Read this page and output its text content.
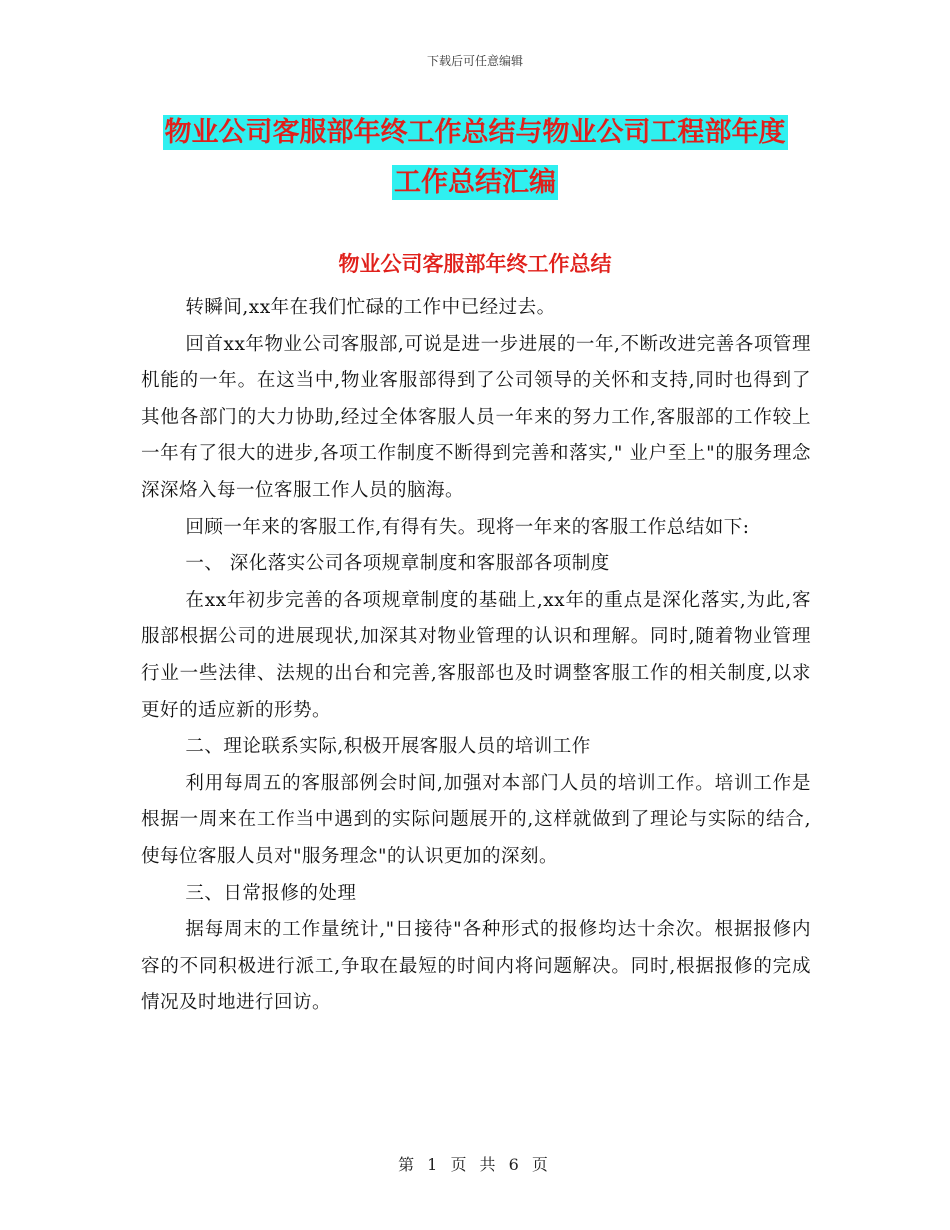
下载后可任意编辑
物业公司客服部年终工作总结与物业公司工程部年度
工作总结汇编
物业公司客服部年终工作总结

转瞬间,xx年在我们忙碌的工作中已经过去。

回首xx年物业公司客服部,可说是进一步进展的一年,不断改进完善各项管理机能的一年。在这当中,物业客服部得到了公司领导的关怀和支持,同时也得到了其他各部门的大力协助,经过全体客服人员一年来的努力工作,客服部的工作较上一年有了很大的进步,各项工作制度不断得到完善和落实," 业户至上"的服务理念深深烙入每一位客服工作人员的脑海。

回顾一年来的客服工作,有得有失。现将一年来的客服工作总结如下:

一、 深化落实公司各项规章制度和客服部各项制度

在xx年初步完善的各项规章制度的基础上,xx年的重点是深化落实,为此,客服部根据公司的进展现状,加深其对物业管理的认识和理解。同时,随着物业管理行业一些法律、法规的出台和完善,客服部也及时调整客服工作的相关制度,以求更好的适应新的形势。

二、理论联系实际,积极开展客服人员的培训工作

利用每周五的客服部例会时间,加强对本部门人员的培训工作。培训工作是根据一周来在工作当中遇到的实际问题展开的,这样就做到了理论与实际的结合,使每位客服人员对"服务理念"的认识更加的深刻。

三、日常报修的处理

据每周末的工作量统计,"日接待"各种形式的报修均达十余次。根据报修内容的不同积极进行派工,争取在最短的时间内将问题解决。同时,根据报修的完成情况及时地进行回访。

第 1 页 共 6 页
